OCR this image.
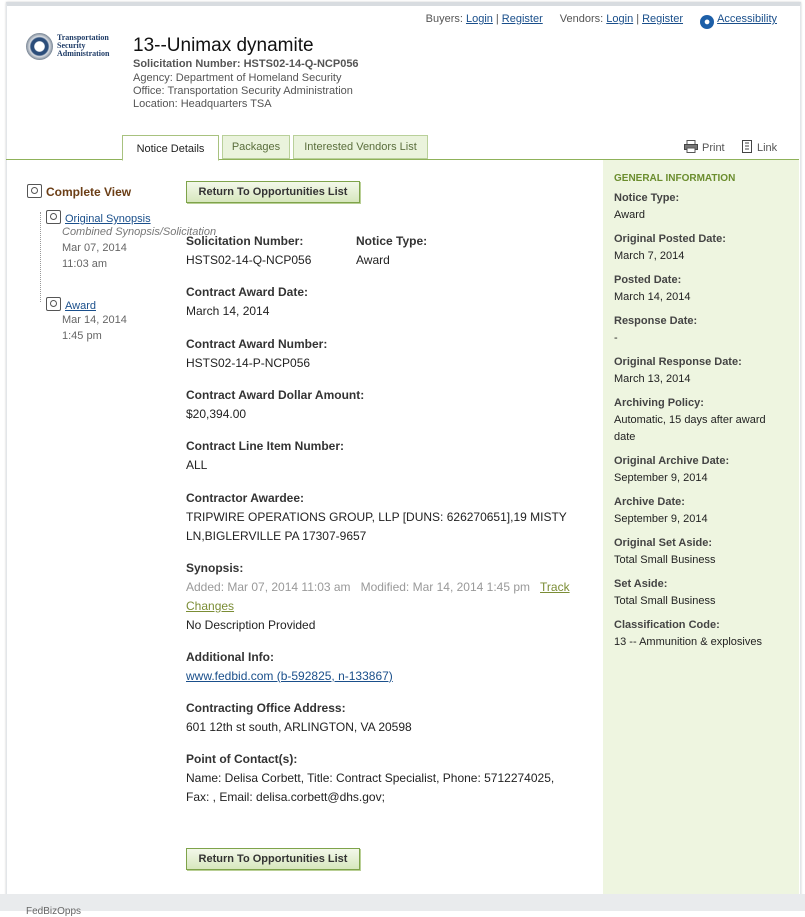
Buyers: Login | Register Vendors: Login | Register ● Accessibility
Transportation
Security
Administration 13--Unimax dynamite
Solicitation Number: HSTS02-14-Q-NCP056
Agency: Department of Homeland Security
Office: Transportation Security Administration
Location: Headquarters TSA
Notice Details	Packages	Interested Vendors List	Print	Link
Complete View
Original Synopsis
Combined Synopsis/Solicitation
Mar 07, 2014
11:03 am
Award
Mar 14, 2014
1:45 pm
Return To Opportunities List
Solicitation Number:
HSTS02-14-Q-NCP056
Notice Type:
Award
Contract Award Date:
March 14, 2014
Contract Award Number:
HSTS02-14-P-NCP056
Contract Award Dollar Amount:
$20,394.00
Contract Line Item Number:
ALL
Contractor Awardee:
TRIPWIRE OPERATIONS GROUP, LLP [DUNS: 626270651],19 MISTY
LN,BIGLERVILLE PA 17307-9657
Synopsis:
Added: Mar 07, 2014 11:03 am Modified: Mar 14, 2014 1:45 pm Track
Changes
No Description Provided
Additional Info:
www.fedbid.com (b-592825, n-133867)
Contracting Office Address:
601 12th st south, ARLINGTON, VA 20598
Point of Contact(s):
Name: Delisa Corbett, Title: Contract Specialist, Phone: 5712274025,
Fax: , Email: delisa.corbett@dhs.gov;
Return To Opportunities List
GENERAL INFORMATION
Notice Type:
Award
Original Posted Date:
March 7, 2014
Posted Date:
March 14, 2014
Response Date:
-
Original Response Date:
March 13, 2014
Archiving Policy:
Automatic, 15 days after award date
Original Archive Date:
September 9, 2014
Archive Date:
September 9, 2014
Original Set Aside:
Total Small Business
Set Aside:
Total Small Business
Classification Code:
13 -- Ammunition & explosives
FedBizOpps
